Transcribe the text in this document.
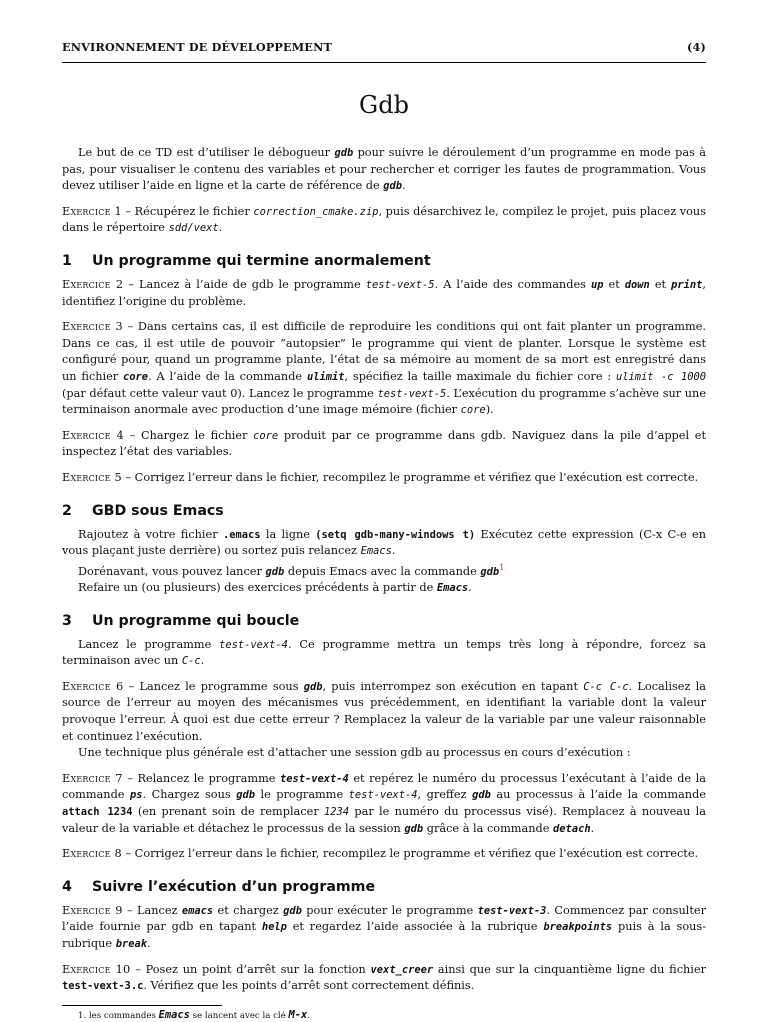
ENVIRONNEMENT DE DÉVELOPPEMENT	(4)
Gdb

Le but de ce TD est d’utiliser le débogueur gdb pour suivre le déroulement d’un programme en mode pas à pas, pour visualiser le contenu des variables et pour rechercher et corriger les fautes de programmation. Vous devez utiliser l’aide en ligne et la carte de référence de gdb.

Exercice 1 – Récupérez le fichier correction_cmake.zip, puis désarchivez le, compilez le projet, puis placez vous dans le répertoire sdd/vext.

1	Un programme qui termine anormalement

Exercice 2 – Lancez à l’aide de gdb le programme test-vext-5. A l’aide des commandes up et down et print, identifiez l’origine du problème.

Exercice 3 – Dans certains cas, il est difficile de reproduire les conditions qui ont fait planter un programme. Dans ce cas, il est utile de pouvoir “autopsier” le programme qui vient de planter. Lorsque le système est configuré pour, quand un programme plante, l’état de sa mémoire au moment de sa mort est enregistré dans un fichier core. A l’aide de la commande ulimit, spécifiez la taille maximale du fichier core : ulimit -c 1000 (par défaut cette valeur vaut 0). Lancez le programme test-vext-5. L’exécution du programme s’achève sur une terminaison anormale avec production d’une image mémoire (fichier core).

Exercice 4 – Chargez le fichier core produit par ce programme dans gdb. Naviguez dans la pile d’appel et inspectez l’état des variables.

Exercice 5 – Corrigez l’erreur dans le fichier, recompilez le programme et vérifiez que l’exécution est correcte.

2	GBD sous Emacs

Rajoutez à votre fichier .emacs la ligne (setq gdb-many-windows t) Exécutez cette expression (C-x C-e en vous plaçant juste derrière) ou sortez puis relancez Emacs.

Dorénavant, vous pouvez lancer gdb depuis Emacs avec la commande gdb$^1$

Refaire un (ou plusieurs) des exercices précédents à partir de Emacs.

3	Un programme qui boucle

Lancez le programme test-vext-4. Ce programme mettra un temps très long à répondre, forcez sa terminaison avec un C-c.

Exercice 6 – Lancez le programme sous gdb, puis interrompez son exécution en tapant C-c C-c. Localisez la source de l’erreur au moyen des mécanismes vus précédemment, en identifiant la variable dont la valeur provoque l’erreur. À quoi est due cette erreur ? Remplacez la valeur de la variable par une valeur raisonnable et continuez l’exécution.

Une technique plus générale est d’attacher une session gdb au processus en cours d’exécution :

Exercice 7 – Relancez le programme test-vext-4 et repérez le numéro du processus l’exécutant à l’aide de la commande ps. Chargez sous gdb le programme test-vext-4, greffez gdb au processus à l’aide la commande attach 1234 (en prenant soin de remplacer 1234 par le numéro du processus visé). Remplacez à nouveau la valeur de la variable et détachez le processus de la session gdb grâce à la commande detach.

Exercice 8 – Corrigez l’erreur dans le fichier, recompilez le programme et vérifiez que l’exécution est correcte.

4	Suivre l’exécution d’un programme

Exercice 9 – Lancez emacs et chargez gdb pour exécuter le programme test-vext-3. Commencez par consulter l’aide fournie par gdb en tapant help et regardez l’aide associée à la rubrique breakpoints puis à la sous-rubrique break.

Exercice 10 – Posez un point d’arrêt sur la fonction vext_creer ainsi que sur la cinquantième ligne du fichier test-vext-3.c. Vérifiez que les points d’arrêt sont correctement définis.

1. les commandes Emacs se lancent avec la clé M-x.
